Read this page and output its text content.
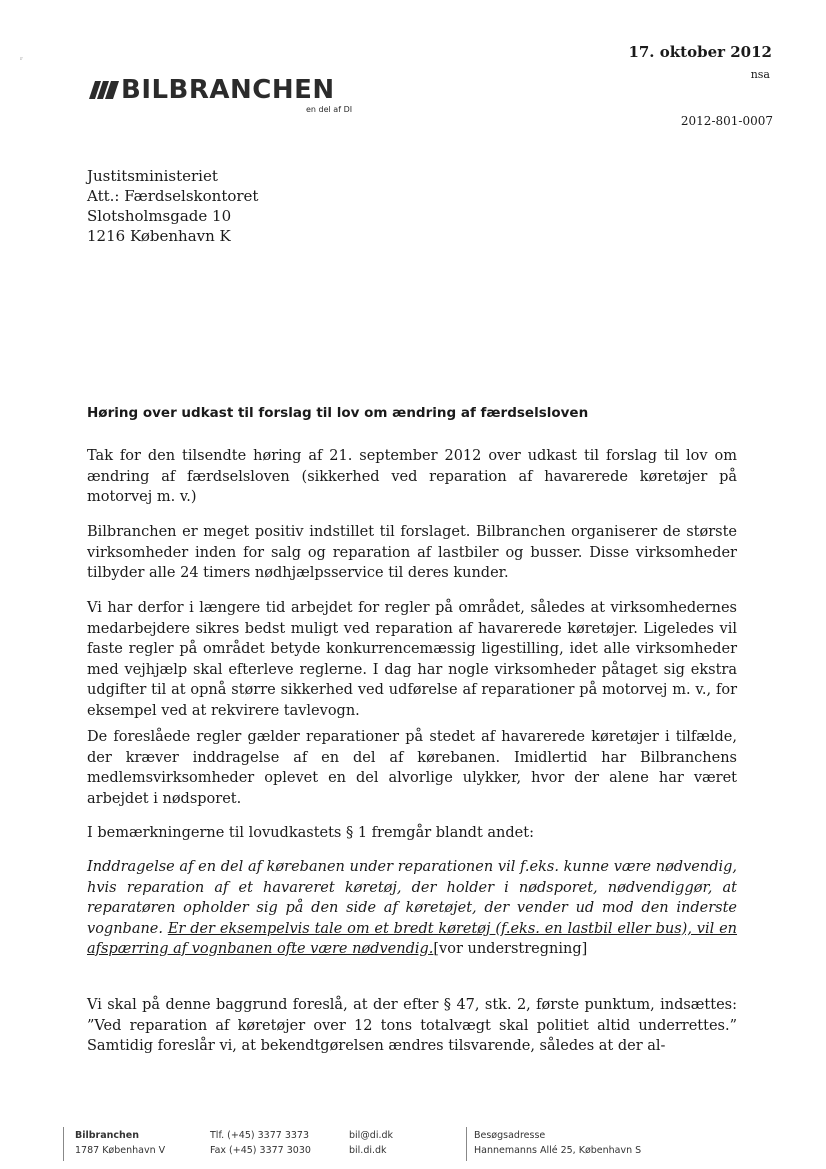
ᵣ	17. oktober 2012
nsa
2012-801-0007
BILBRANCHEN
en del af DI
Justitsministeriet
Att.: Færdselskontoret
Slotsholmsgade 10
1216 København K
Høring over udkast til forslag til lov om ændring af færdselsloven
Tak for den tilsendte høring af 21. september 2012 over udkast til forslag til lov om ændring af færdselsloven (sikkerhed ved reparation af havarerede køretøjer på motorvej m. v.)
Bilbranchen er meget positiv indstillet til forslaget. Bilbranchen organiserer de største virksomheder inden for salg og reparation af lastbiler og busser. Disse virksomheder tilbyder alle 24 timers nødhjælpsservice til deres kunder.
Vi har derfor i længere tid arbejdet for regler på området, således at virksomhedernes medarbejdere sikres bedst muligt ved reparation af havarerede køretøjer. Ligeledes vil faste regler på området betyde konkurrencemæssig ligestilling, idet alle virksomheder med vejhjælp skal efterleve reglerne. I dag har nogle virksomheder påtaget sig ekstra udgifter til at opnå større sikkerhed ved udførelse af reparationer på motorvej m. v., for eksempel ved at rekvirere tavlevogn.
De foreslåede regler gælder reparationer på stedet af havarerede køretøjer i tilfælde, der kræver inddragelse af en del af kørebanen. Imidlertid har Bilbranchens medlemsvirksomheder oplevet en del alvorlige ulykker, hvor der alene har været arbejdet i nødsporet.
I bemærkningerne til lovudkastets § 1 fremgår blandt andet:
Inddragelse af en del af kørebanen under reparationen vil f.eks. kunne være nødvendig, hvis reparation af et havareret køretøj, der holder i nødsporet, nødvendiggør, at reparatøren opholder sig på den side af køretøjet, der vender ud mod den inderste vognbane. Er der eksempelvis tale om et bredt køretøj (f.eks. en lastbil eller bus), vil en afspærring af vognbanen ofte være nødvendig.[vor understregning]
Vi skal på denne baggrund foreslå, at der efter § 47, stk. 2, første punktum, indsættes: ”Ved reparation af køretøjer over 12 tons totalvægt skal politiet altid underrettes.” Samtidig foreslår vi, at bekendtgørelsen ændres tilsvarende, således at der al-
Bilbranchen
1787 København V
Tlf. (+45) 3377 3373
Fax (+45) 3377 3030
bil@di.dk
bil.di.dk
Besøgsadresse
Hannemanns Allé 25, København S
